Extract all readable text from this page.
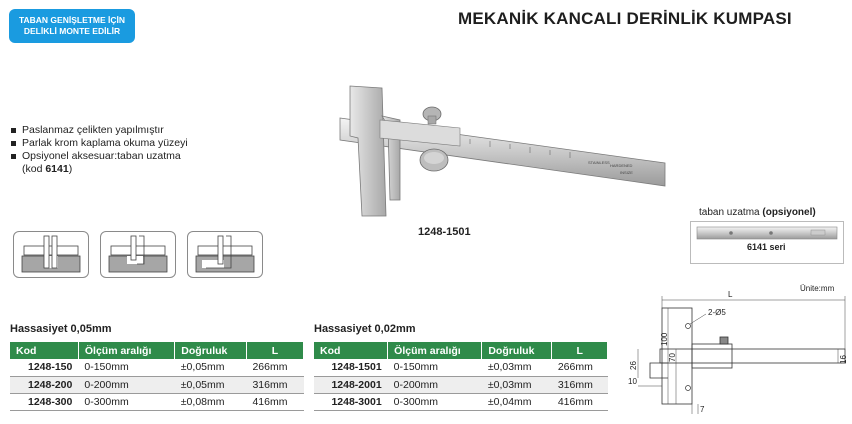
TABAN GENİŞLETME İÇİN
DELİKLİ MONTE EDİLİR
MEKANİK KANCALI DERİNLİK KUMPASI
Paslanmaz çelikten yapılmıştır
Parlak krom kaplama okuma yüzeyi
Opsiyonel aksesuar:taban uzatma
(kod 6141)
STAINLESS
HARDENED
INSIZE
1248-1501
taban uzatma (opsiyonel)
6141 seri
Ünite:mm
L
2-Ø5
100
70
26
16
10
7
Hassasiyet 0,05mm
Kod	Ölçüm aralığı	Doğruluk	L
1248-150	0-150mm	±0,05mm	266mm
1248-200	0-200mm	±0,05mm	316mm
1248-300	0-300mm	±0,08mm	416mm
Hassasiyet 0,02mm
Kod	Ölçüm aralığı	Doğruluk	L
1248-1501	0-150mm	±0,03mm	266mm
1248-2001	0-200mm	±0,03mm	316mm
1248-3001	0-300mm	±0,04mm	416mm
